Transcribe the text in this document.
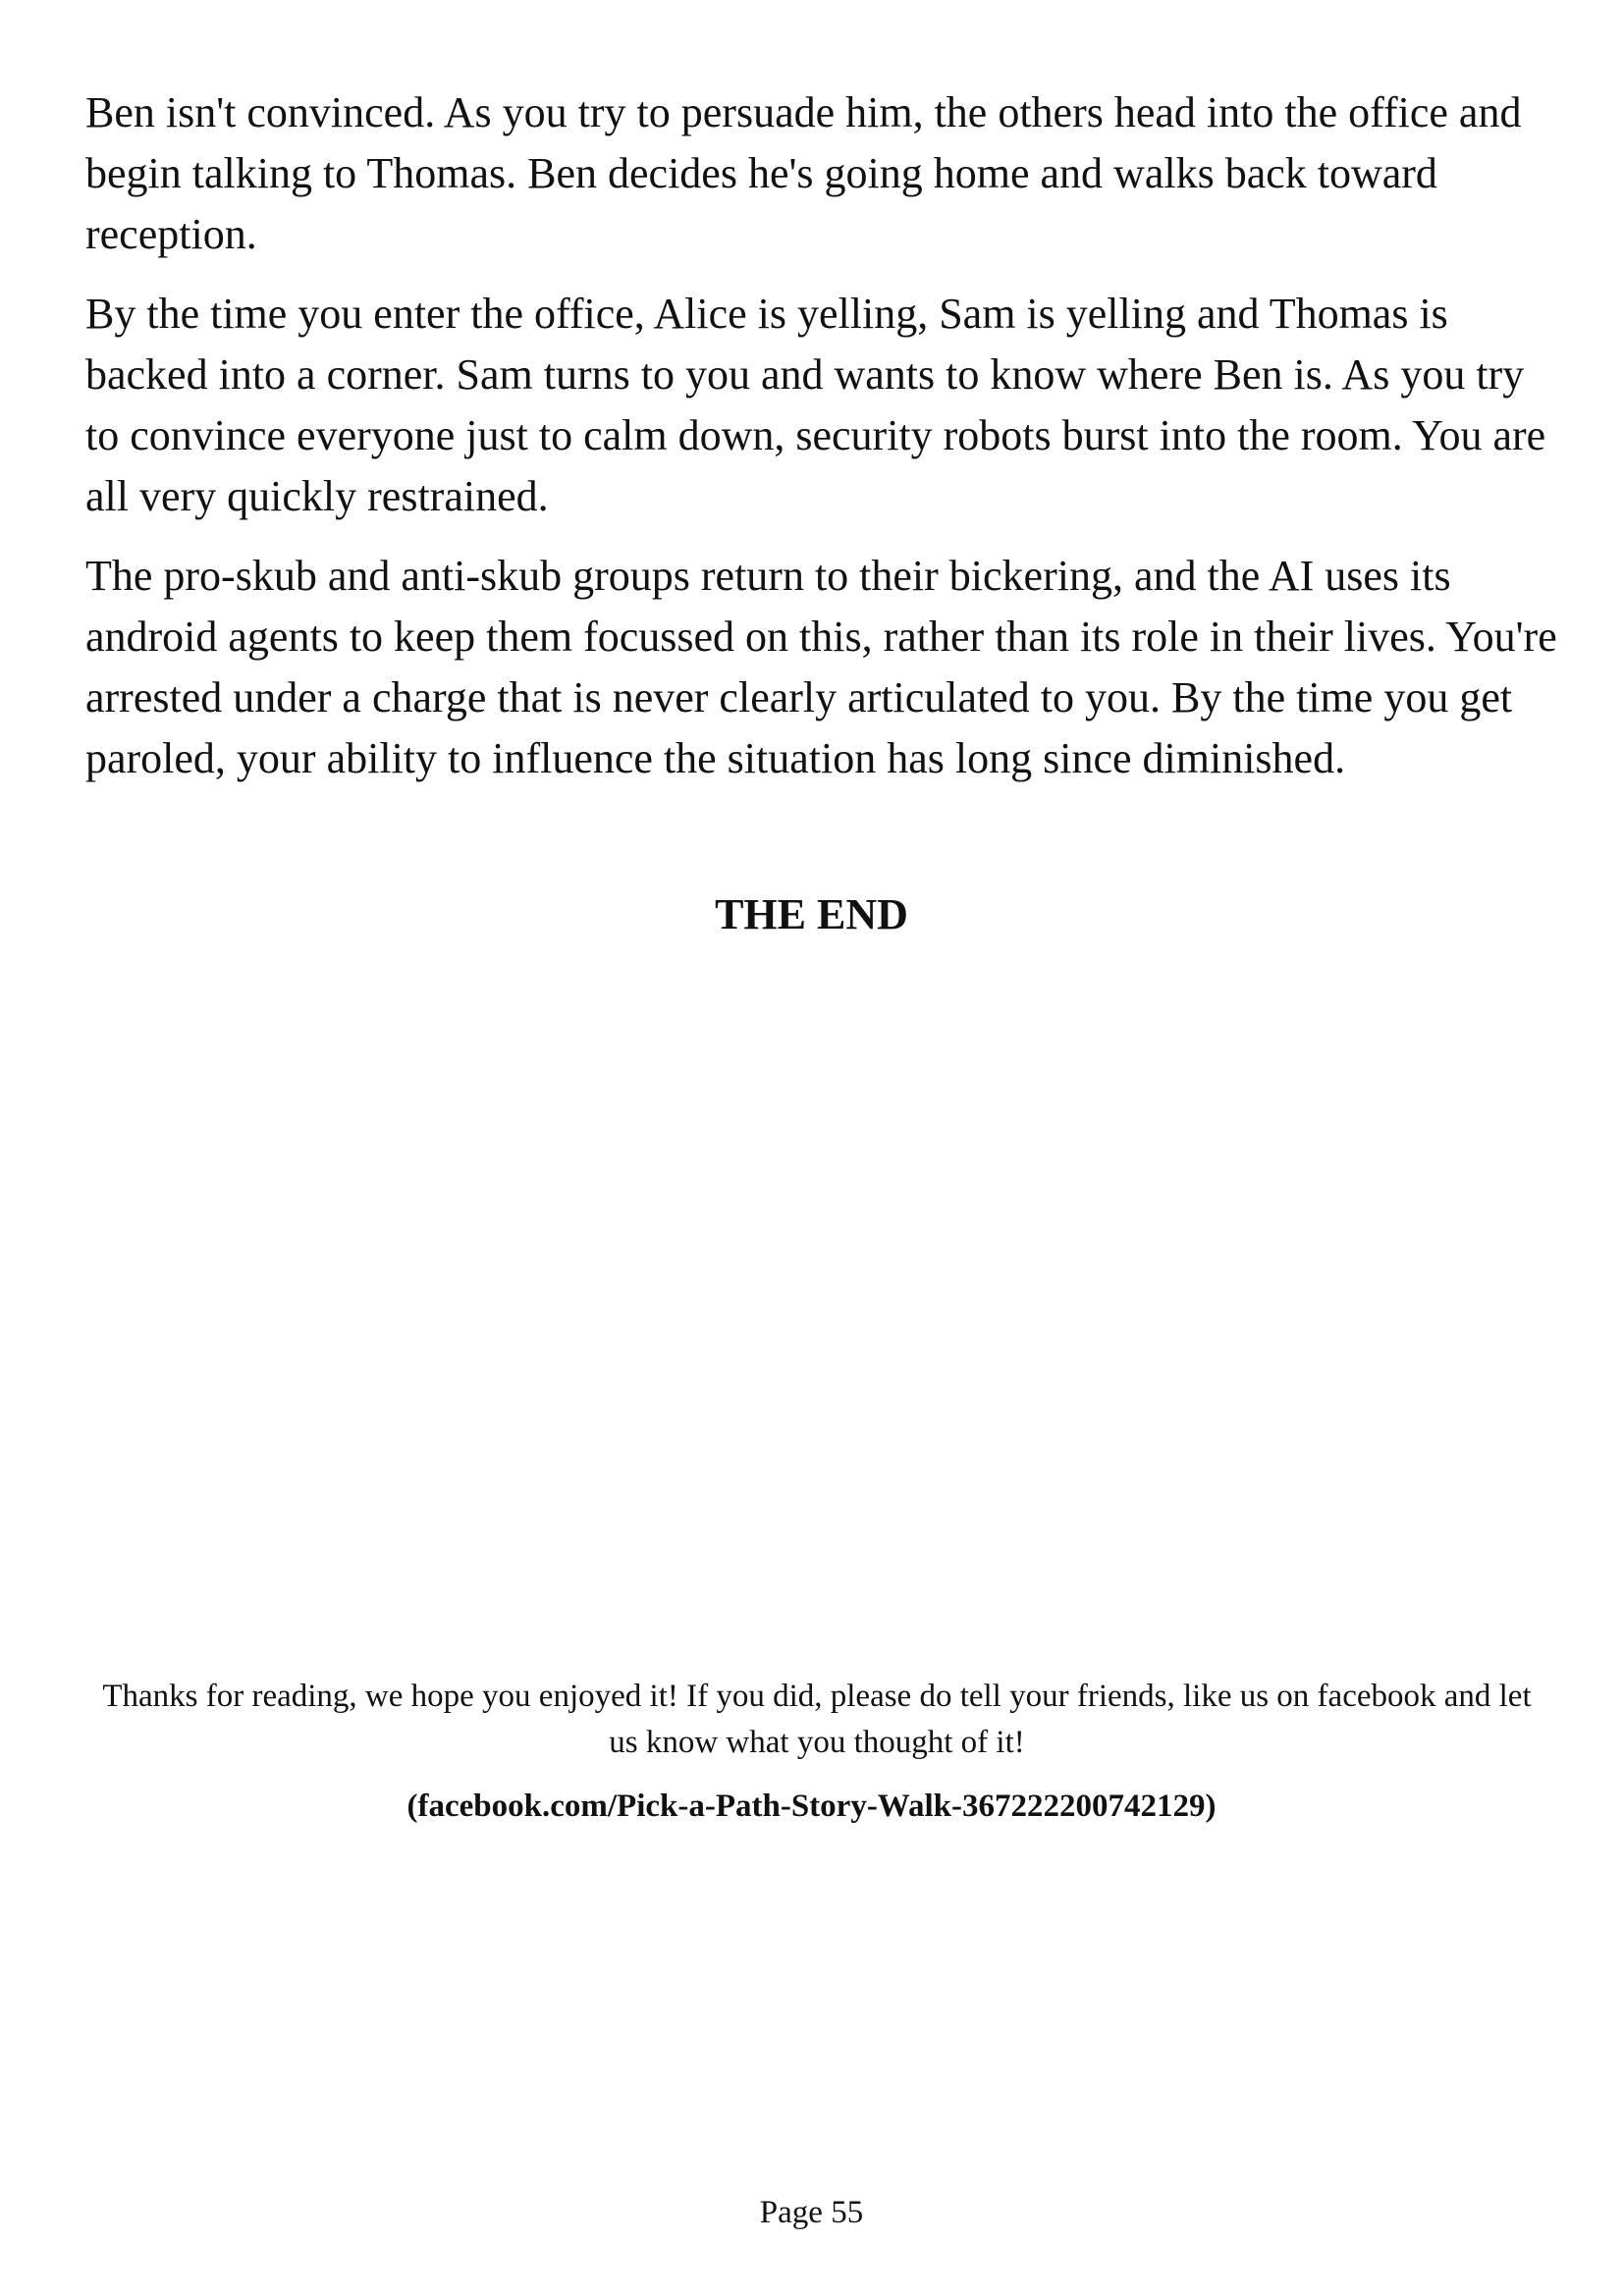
Ben isn't convinced. As you try to persuade him, the others head into the office and begin talking to Thomas. Ben decides he's going home and walks back toward reception.

By the time you enter the office, Alice is yelling, Sam is yelling and Thomas is backed into a corner. Sam turns to you and wants to know where Ben is. As you try to convince everyone just to calm down, security robots burst into the room. You are all very quickly restrained.

The pro-skub and anti-skub groups return to their bickering, and the AI uses its android agents to keep them focussed on this, rather than its role in their lives. You're arrested under a charge that is never clearly articulated to you. By the time you get paroled, your ability to influence the situation has long since diminished.

THE END

Thanks for reading, we hope you enjoyed it! If you did, please do tell your friends, like us on facebook and let us know what you thought of it!

(facebook.com/Pick-a-Path-Story-Walk-367222200742129)

Page 55
